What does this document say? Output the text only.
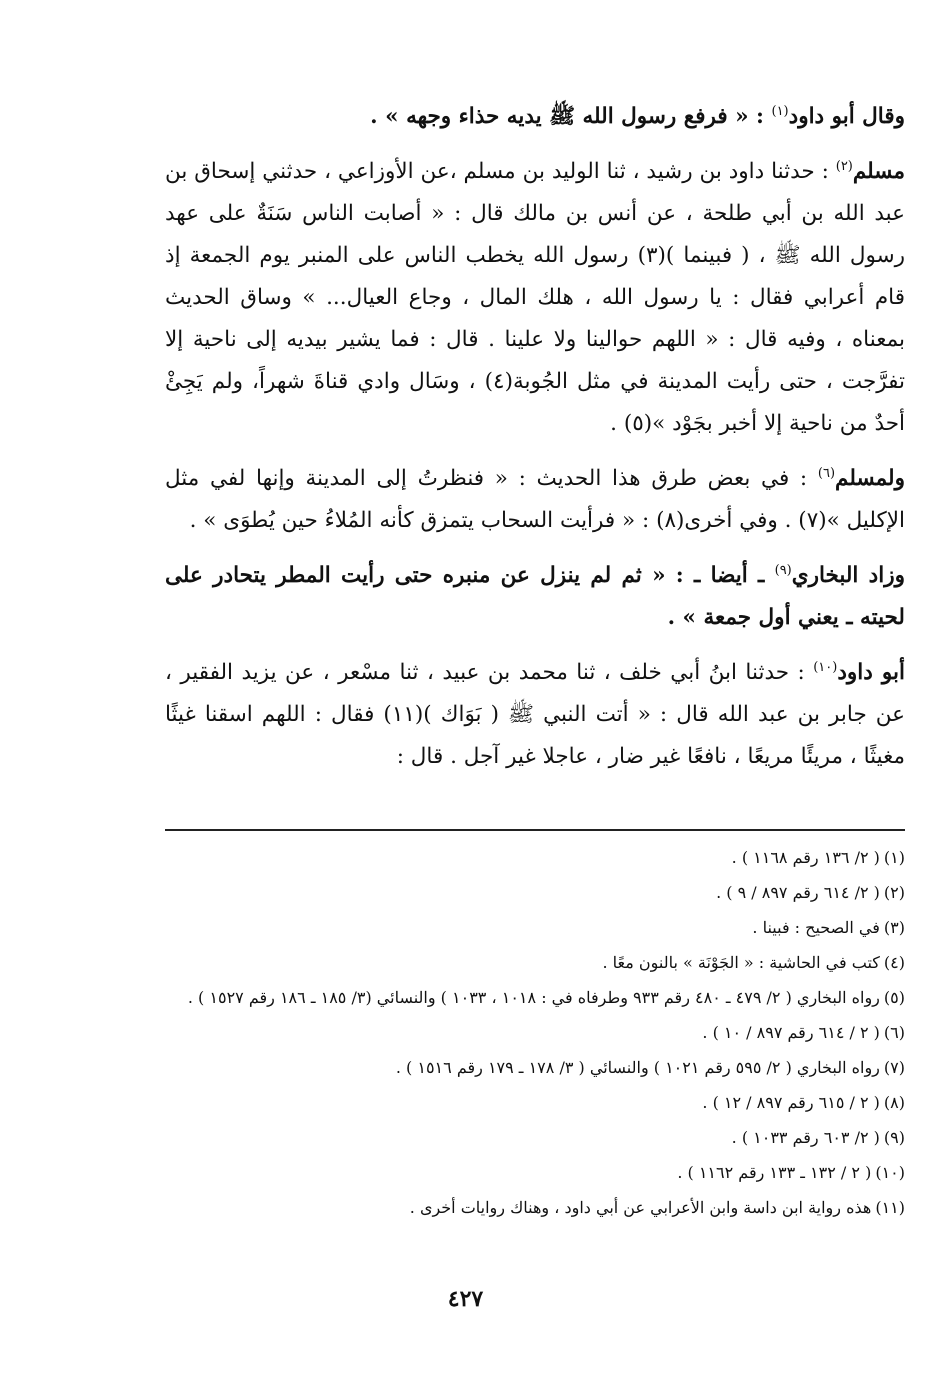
وقال أبو داود$^{(١)}$ : « فرفع رسول الله ﷺ يديه حذاء وجهه » .

مسلم$^{(٢)}$ : حدثنا داود بن رشيد ، ثنا الوليد بن مسلم ،عن الأوزاعي ، حدثني إسحاق بن عبد الله بن أبي طلحة ، عن أنس بن مالك قال : « أصابت الناس سَنَةٌ على عهد رسول الله ﷺ ، ( فبينما )(٣) رسول الله يخطب الناس على المنبر يوم الجمعة إذ قام أعرابي فقال : يا رسول الله ، هلك المال ، وجاع العيال... » وساق الحديث بمعناه ، وفيه قال : « اللهم حوالينا ولا علينا . قال : فما يشير بيديه إلى ناحية إلا تفرَّجت ، حتى رأيت المدينة في مثل الجُوبة(٤) ، وسَال وادي قناةَ شهراً، ولم يَجِئْ أحدٌ من ناحية إلا أخبر بجَوْد »(٥) .

ولمسلم$^{(٦)}$ : في بعض طرق هذا الحديث : « فنظرتُ إلى المدينة وإنها لفي مثل الإكليل »(٧) . وفي أخرى(٨) : « فرأيت السحاب يتمزق كأنه المُلاءُ حين يُطوَى » .

وزاد البخاري$^{(٩)}$ ـ أيضا ـ : « ثم لم ينزل عن منبره حتى رأيت المطر يتحادر على لحيته ـ يعني أول جمعة » .

أبو داود$^{(١٠)}$ : حدثنا ابنُ أبي خلف ، ثنا محمد بن عبيد ، ثنا مسْعر ، عن يزيد الفقير ، عن جابر بن عبد الله قال : « أتت النبي ﷺ ( بَوَاك )(١١) فقال : اللهم اسقنا غيثًا مغيثًا ، مريئًا مريعًا ، نافعًا غير ضار ، عاجلا غير آجل . قال :

(١)( ٢/ ١٣٦ رقم ١١٦٨ ) .
(٢)( ٢/ ٦١٤ رقم ٨٩٧ / ٩ ) .
(٣)في الصحيح : فبينا .
(٤)كتب في الحاشية : « الجَوْنَة » بالنون معًا .
(٥)رواه البخاري ( ٢/ ٤٧٩ ـ ٤٨٠ رقم ٩٣٣ وطرفاه في : ١٠١٨ ، ١٠٣٣ ) والنسائي (٣/ ١٨٥ ـ ١٨٦ رقم ١٥٢٧ ) .
(٦)( ٢ / ٦١٤ رقم ٨٩٧ / ١٠ ) .
(٧)رواه البخاري ( ٢/ ٥٩٥ رقم ١٠٢١ ) والنسائي ( ٣/ ١٧٨ ـ ١٧٩ رقم ١٥١٦ ) .
(٨)( ٢ / ٦١٥ رقم ٨٩٧ / ١٢ ) .
(٩)( ٢/ ٦٠٣ رقم ١٠٣٣ ) .
(١٠)( ٢ / ١٣٢ ـ ١٣٣ رقم ١١٦٢ ) .
(١١)هذه رواية ابن داسة وابن الأعرابي عن أبي داود ، وهناك روايات أخرى .
٤٢٧
